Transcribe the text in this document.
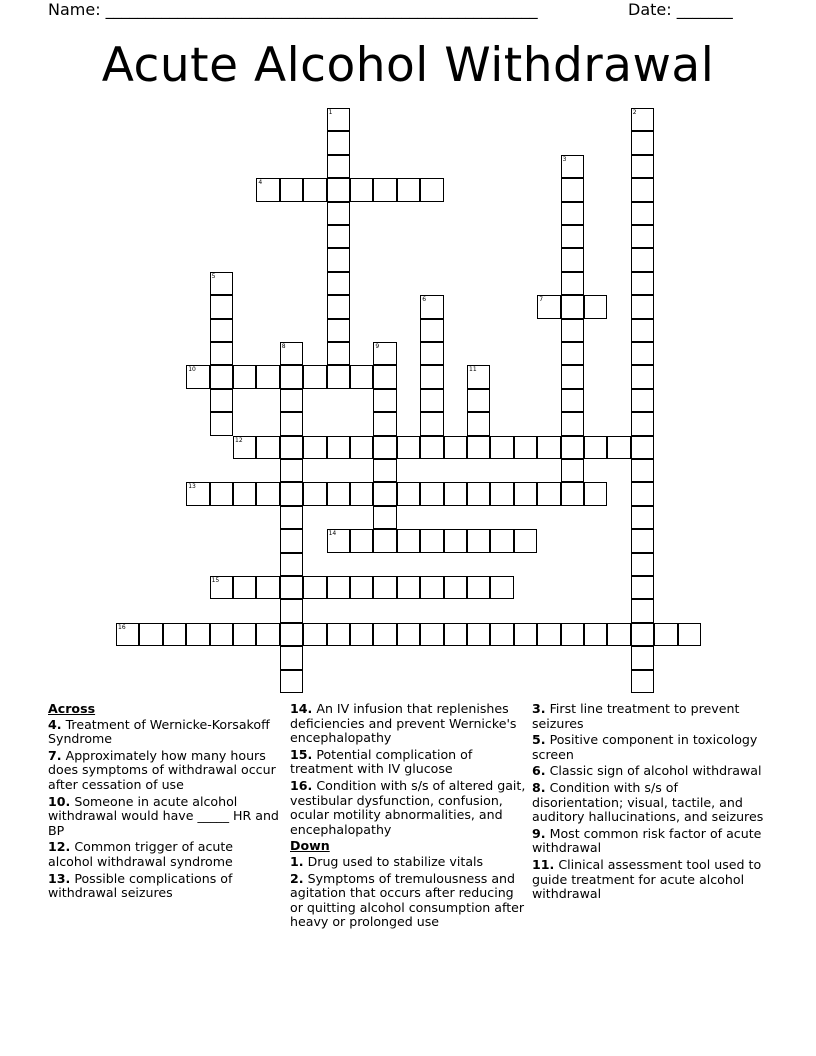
Name: ______________________________________________________	Date: _______
Acute Alcohol Withdrawal
1	2
3
4
5
6	7
8	9
10	11
12
13
14
15
16
Across
4. Treatment of Wernicke-Korsakoff Syndrome
7. Approximately how many hours does symptoms of withdrawal occur after cessation of use
10. Someone in acute alcohol withdrawal would have _____ HR and BP
12. Common trigger of acute alcohol withdrawal syndrome
13. Possible complications of withdrawal seizures
14. An IV infusion that replenishes deficiencies and prevent Wernicke's encephalopathy
15. Potential complication of treatment with IV glucose
16. Condition with s/s of altered gait, vestibular dysfunction, confusion, ocular motility abnormalities, and encephalopathy
Down
1. Drug used to stabilize vitals
2. Symptoms of tremulousness and agitation that occurs after reducing or quitting alcohol consumption after heavy or prolonged use
3. First line treatment to prevent seizures
5. Positive component in toxicology screen
6. Classic sign of alcohol withdrawal
8. Condition with s/s of disorientation; visual, tactile, and auditory hallucinations, and seizures
9. Most common risk factor of acute withdrawal
11. Clinical assessment tool used to guide treatment for acute alcohol withdrawal
